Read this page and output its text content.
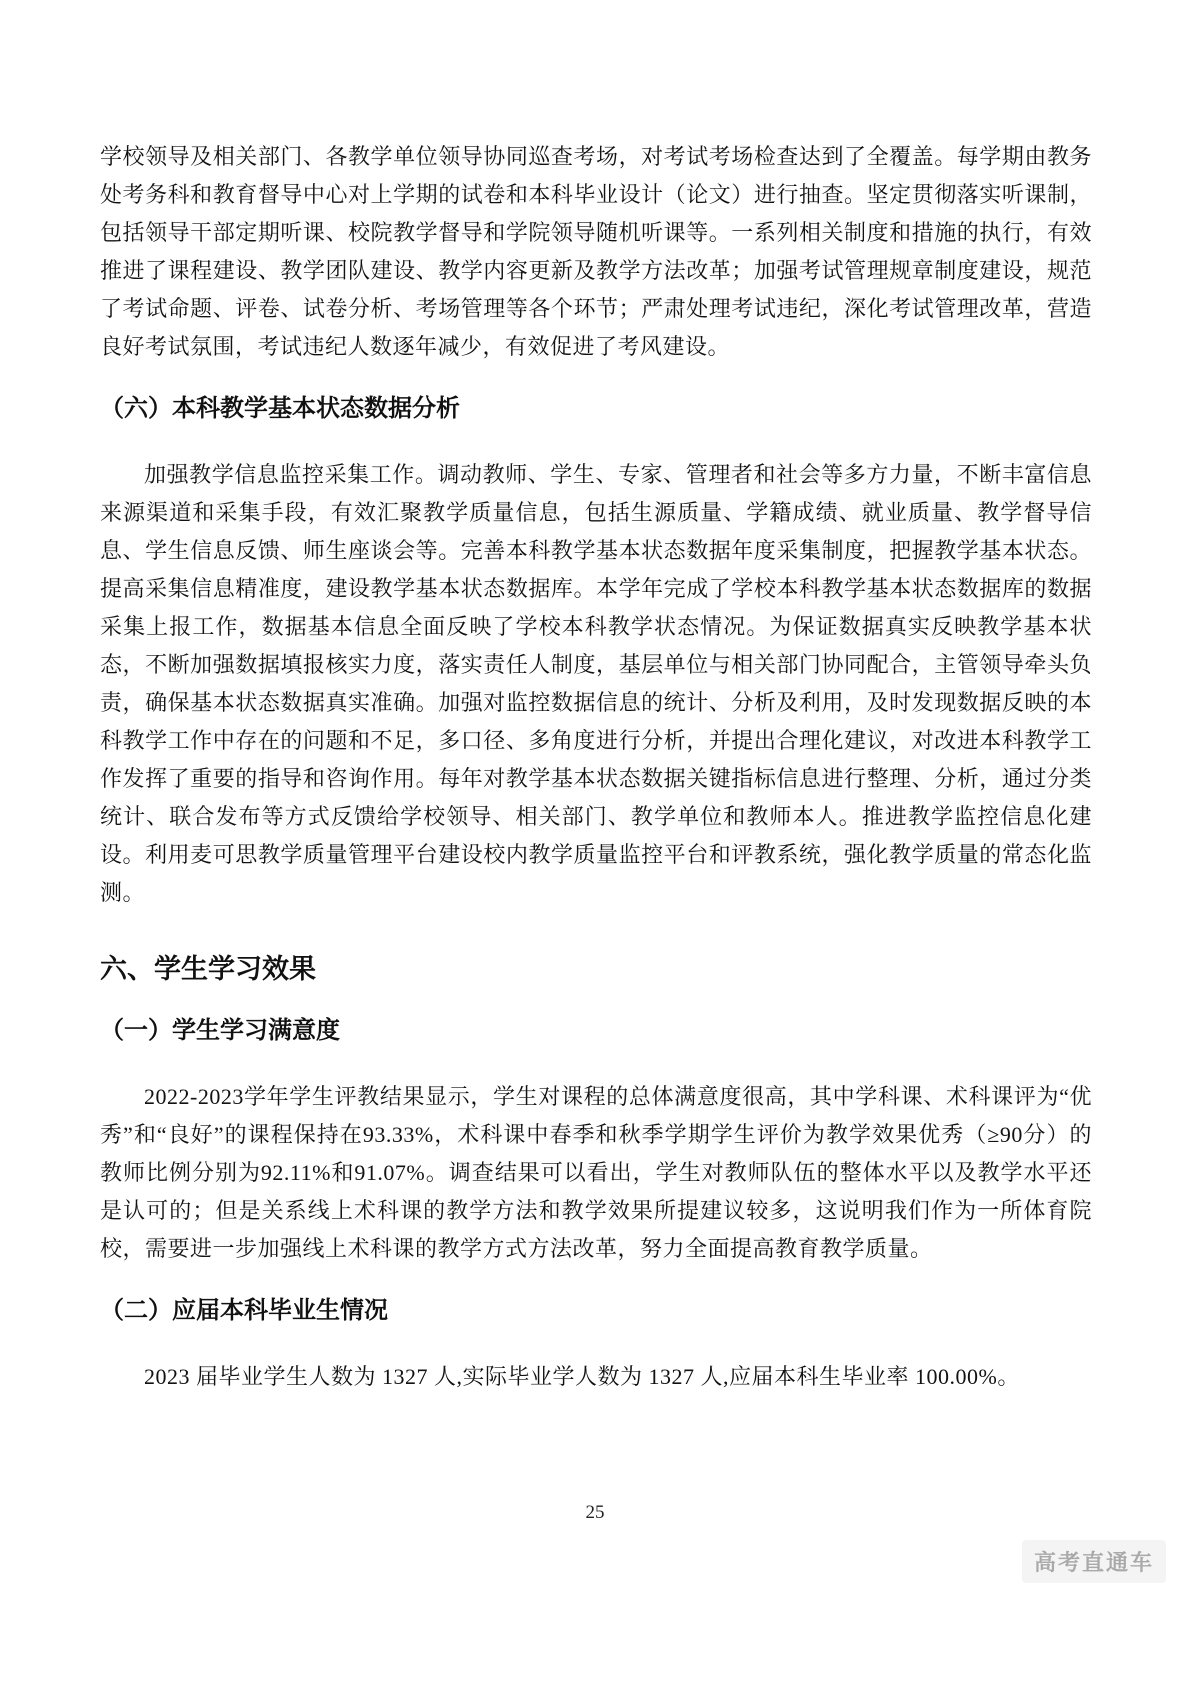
学校领导及相关部门、各教学单位领导协同巡查考场，对考试考场检查达到了全覆盖。每学期由教务处考务科和教育督导中心对上学期的试卷和本科毕业设计（论文）进行抽查。坚定贯彻落实听课制，包括领导干部定期听课、校院教学督导和学院领导随机听课等。一系列相关制度和措施的执行，有效推进了课程建设、教学团队建设、教学内容更新及教学方法改革；加强考试管理规章制度建设，规范了考试命题、评卷、试卷分析、考场管理等各个环节；严肃处理考试违纪，深化考试管理改革，营造良好考试氛围，考试违纪人数逐年减少，有效促进了考风建设。

（六）本科教学基本状态数据分析

加强教学信息监控采集工作。调动教师、学生、专家、管理者和社会等多方力量，不断丰富信息来源渠道和采集手段，有效汇聚教学质量信息，包括生源质量、学籍成绩、就业质量、教学督导信息、学生信息反馈、师生座谈会等。完善本科教学基本状态数据年度采集制度，把握教学基本状态。提高采集信息精准度，建设教学基本状态数据库。本学年完成了学校本科教学基本状态数据库的数据采集上报工作，数据基本信息全面反映了学校本科教学状态情况。为保证数据真实反映教学基本状态，不断加强数据填报核实力度，落实责任人制度，基层单位与相关部门协同配合，主管领导牵头负责，确保基本状态数据真实准确。加强对监控数据信息的统计、分析及利用，及时发现数据反映的本科教学工作中存在的问题和不足，多口径、多角度进行分析，并提出合理化建议，对改进本科教学工作发挥了重要的指导和咨询作用。每年对教学基本状态数据关键指标信息进行整理、分析，通过分类统计、联合发布等方式反馈给学校领导、相关部门、教学单位和教师本人。推进教学监控信息化建设。利用麦可思教学质量管理平台建设校内教学质量监控平台和评教系统，强化教学质量的常态化监测。

六、学生学习效果
（一）学生学习满意度

2022-2023学年学生评教结果显示，学生对课程的总体满意度很高，其中学科课、术科课评为“优秀”和“良好”的课程保持在93.33%，术科课中春季和秋季学期学生评价为教学效果优秀（≥90分）的教师比例分别为92.11%和91.07%。调查结果可以看出，学生对教师队伍的整体水平以及教学水平还是认可的；但是关系线上术科课的教学方法和教学效果所提建议较多，这说明我们作为一所体育院校，需要进一步加强线上术科课的教学方式方法改革，努力全面提高教育教学质量。

（二）应届本科毕业生情况

2023 届毕业学生人数为 1327 人,实际毕业学人数为 1327 人,应届本科生毕业率 100.00%。

25
高考直通车
